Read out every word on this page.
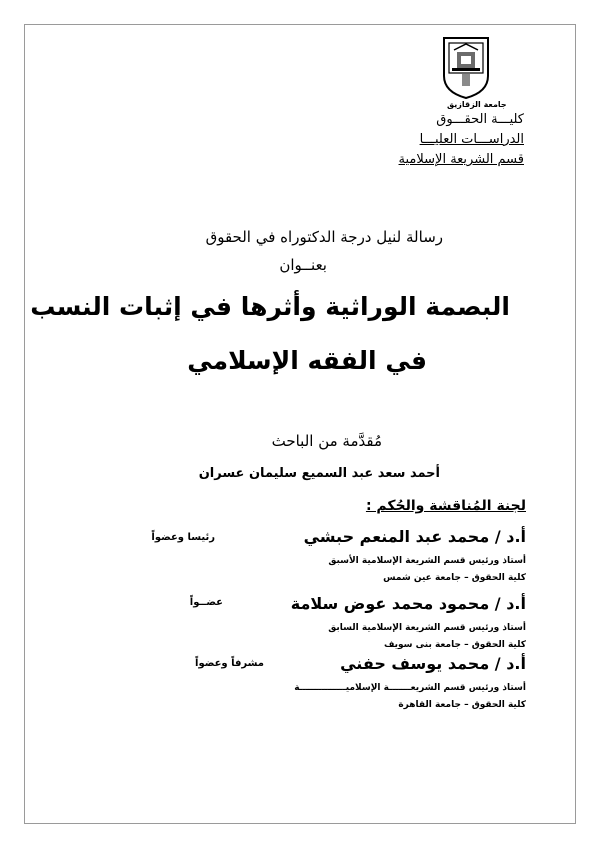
جامعة الزقازيق
كليـــة الحقـــوق
الدراســـات العليـــا
قسم الشريعة الإسلامية
رسالة لنيل درجة الدكتوراه في الحقوق
بعنــوان
البصمة الوراثية وأثرها في إثبات النسب
في الفقه الإسلامي
مُقدَّمة من الباحث
أحمد سعد عبد السميع سليمان عسران
لجنة المُناقشة والحُكم :
أ.د / محمد عبد المنعم حبشي
رئيسا وعضواً
أستاذ ورئيس قسم الشريعة الإسلامية الأسبق
كلية الحقوق – جامعة عين شمس
أ.د / محمود محمد عوض سلامة
عضــواً
أستاذ ورئيس قسم الشريعة الإسلامية السابق
كلية الحقوق – جامعة بنى سويف
أ.د / محمد يوسف حفني
مشرفاً وعضواً
أستاذ ورئيس قسم الشريعـــــــة الإسلاميـــــــــــــــة
كلية الحقوق – جامعة القاهرة
